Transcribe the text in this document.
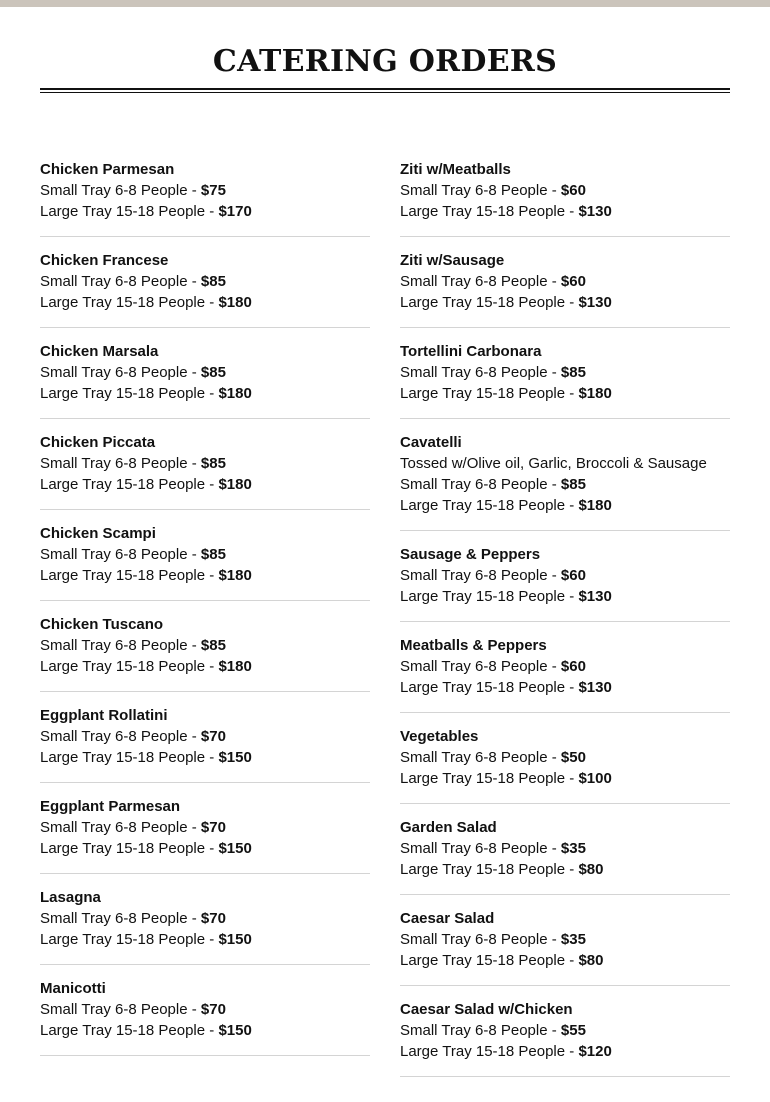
CATERING ORDERS
Chicken Parmesan
Small Tray 6-8 People - $75
Large Tray 15-18 People - $170
Chicken Francese
Small Tray 6-8 People - $85
Large Tray 15-18 People - $180
Chicken Marsala
Small Tray 6-8 People - $85
Large Tray 15-18 People - $180
Chicken Piccata
Small Tray 6-8 People - $85
Large Tray 15-18 People - $180
Chicken Scampi
Small Tray 6-8 People - $85
Large Tray 15-18 People - $180
Chicken Tuscano
Small Tray 6-8 People - $85
Large Tray 15-18 People - $180
Eggplant Rollatini
Small Tray 6-8 People - $70
Large Tray 15-18 People - $150
Eggplant Parmesan
Small Tray 6-8 People - $70
Large Tray 15-18 People - $150
Lasagna
Small Tray 6-8 People - $70
Large Tray 15-18 People - $150
Manicotti
Small Tray 6-8 People - $70
Large Tray 15-18 People - $150
Ziti w/Meatballs
Small Tray 6-8 People - $60
Large Tray 15-18 People - $130
Ziti w/Sausage
Small Tray 6-8 People - $60
Large Tray 15-18 People - $130
Tortellini Carbonara
Small Tray 6-8 People - $85
Large Tray 15-18 People - $180
Cavatelli
Tossed w/Olive oil, Garlic, Broccoli & Sausage
Small Tray 6-8 People - $85
Large Tray 15-18 People - $180
Sausage & Peppers
Small Tray 6-8 People - $60
Large Tray 15-18 People - $130
Meatballs & Peppers
Small Tray 6-8 People - $60
Large Tray 15-18 People - $130
Vegetables
Small Tray 6-8 People - $50
Large Tray 15-18 People - $100
Garden Salad
Small Tray 6-8 People - $35
Large Tray 15-18 People - $80
Caesar Salad
Small Tray 6-8 People - $35
Large Tray 15-18 People - $80
Caesar Salad w/Chicken
Small Tray 6-8 People - $55
Large Tray 15-18 People - $120
